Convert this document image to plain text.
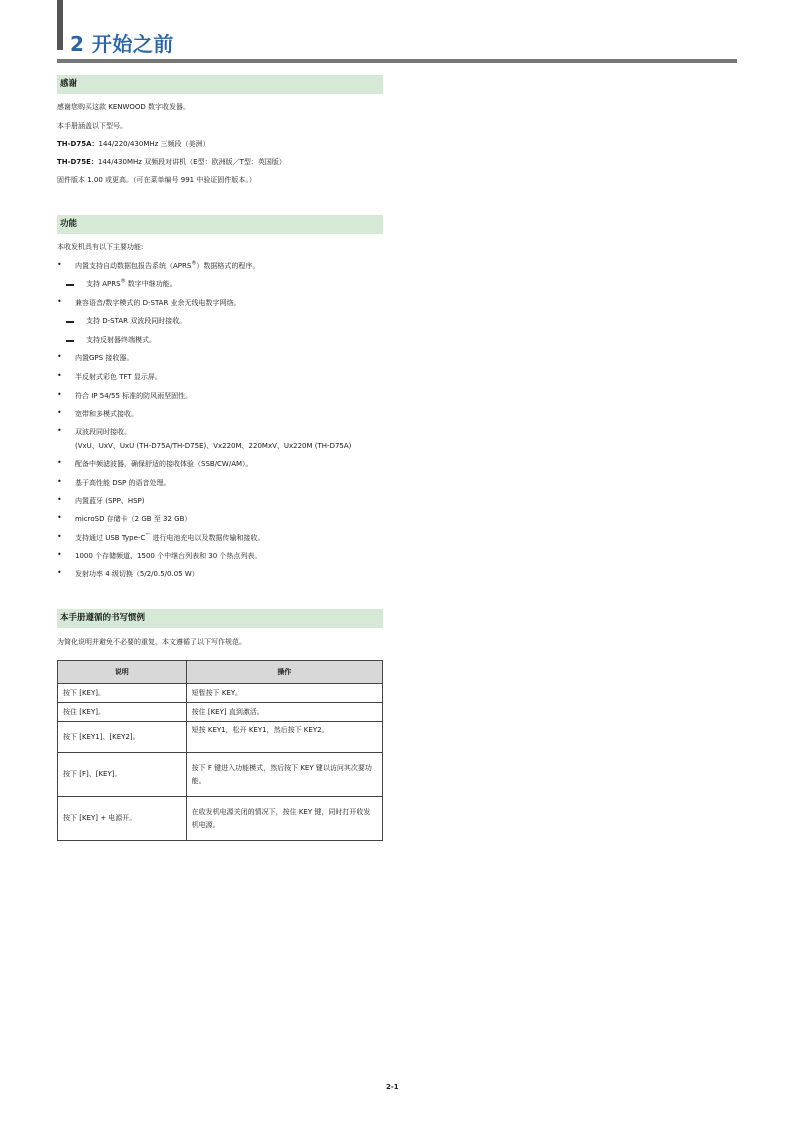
2 开始之前
感谢
感谢您购买这款 KENWOOD 数字收发器。
本手册涵盖以下型号。
TH-D75A：144/220/430MHz 三频段（美洲）
TH-D75E：144/430MHz 双频段对讲机（E型：欧洲版／T型：英国版）
固件版本 1.00 或更高。（可在菜单编号 991 中验证固件版本。）
功能
本收发机具有以下主要功能:
• 内置支持自动数据包报告系统（APRS®）数据格式的程序。
支持 APRS® 数字中继功能。
• 兼容语音/数字模式的 D-STAR 业余无线电数字网络。
支持 D-STAR 双波段同时接收。
支持反射器终端模式。
• 内置GPS 接收器。
• 半反射式彩色 TFT 显示屏。
• 符合 IP 54/55 标准的防风雨坚固性。
• 宽带和多模式接收。
• 双波段同时接收。
(VxU、UxV、UxU (TH-D75A/TH-D75E)、Vx220M、220MxV、Ux220M (TH-D75A)
• 配备中频滤波器，确保舒适的接收体验（SSB/CW/AM）。
• 基于高性能 DSP 的语音处理。
• 内置蓝牙 (SPP、HSP)
• microSD 存储卡（2 GB 至 32 GB）
• 支持通过 USB Type-C™ 进行电池充电以及数据传输和接收。
• 1000 个存储频道、1500 个中继台列表和 30 个热点列表。
• 发射功率 4 级切换（5/2/0.5/0.05 W）
本手册遵循的书写惯例
为简化说明并避免不必要的重复，本文遵循了以下写作规范。
说明	操作
按下 [KEY]。	短暂按下 KEY。
按住 [KEY]。	按住 [KEY] 直到激活。
按下 [KEY1]、[KEY2]。	短按 KEY1，松开 KEY1，然后按下 KEY2。
按下 [F]、[KEY]。	按下 F 键进入功能模式，然后按下 KEY 键以访问其次要功能。
按下 [KEY] + 电源开。	在收发机电源关闭的情况下，按住 KEY 键，同时打开收发机电源。
2-1
